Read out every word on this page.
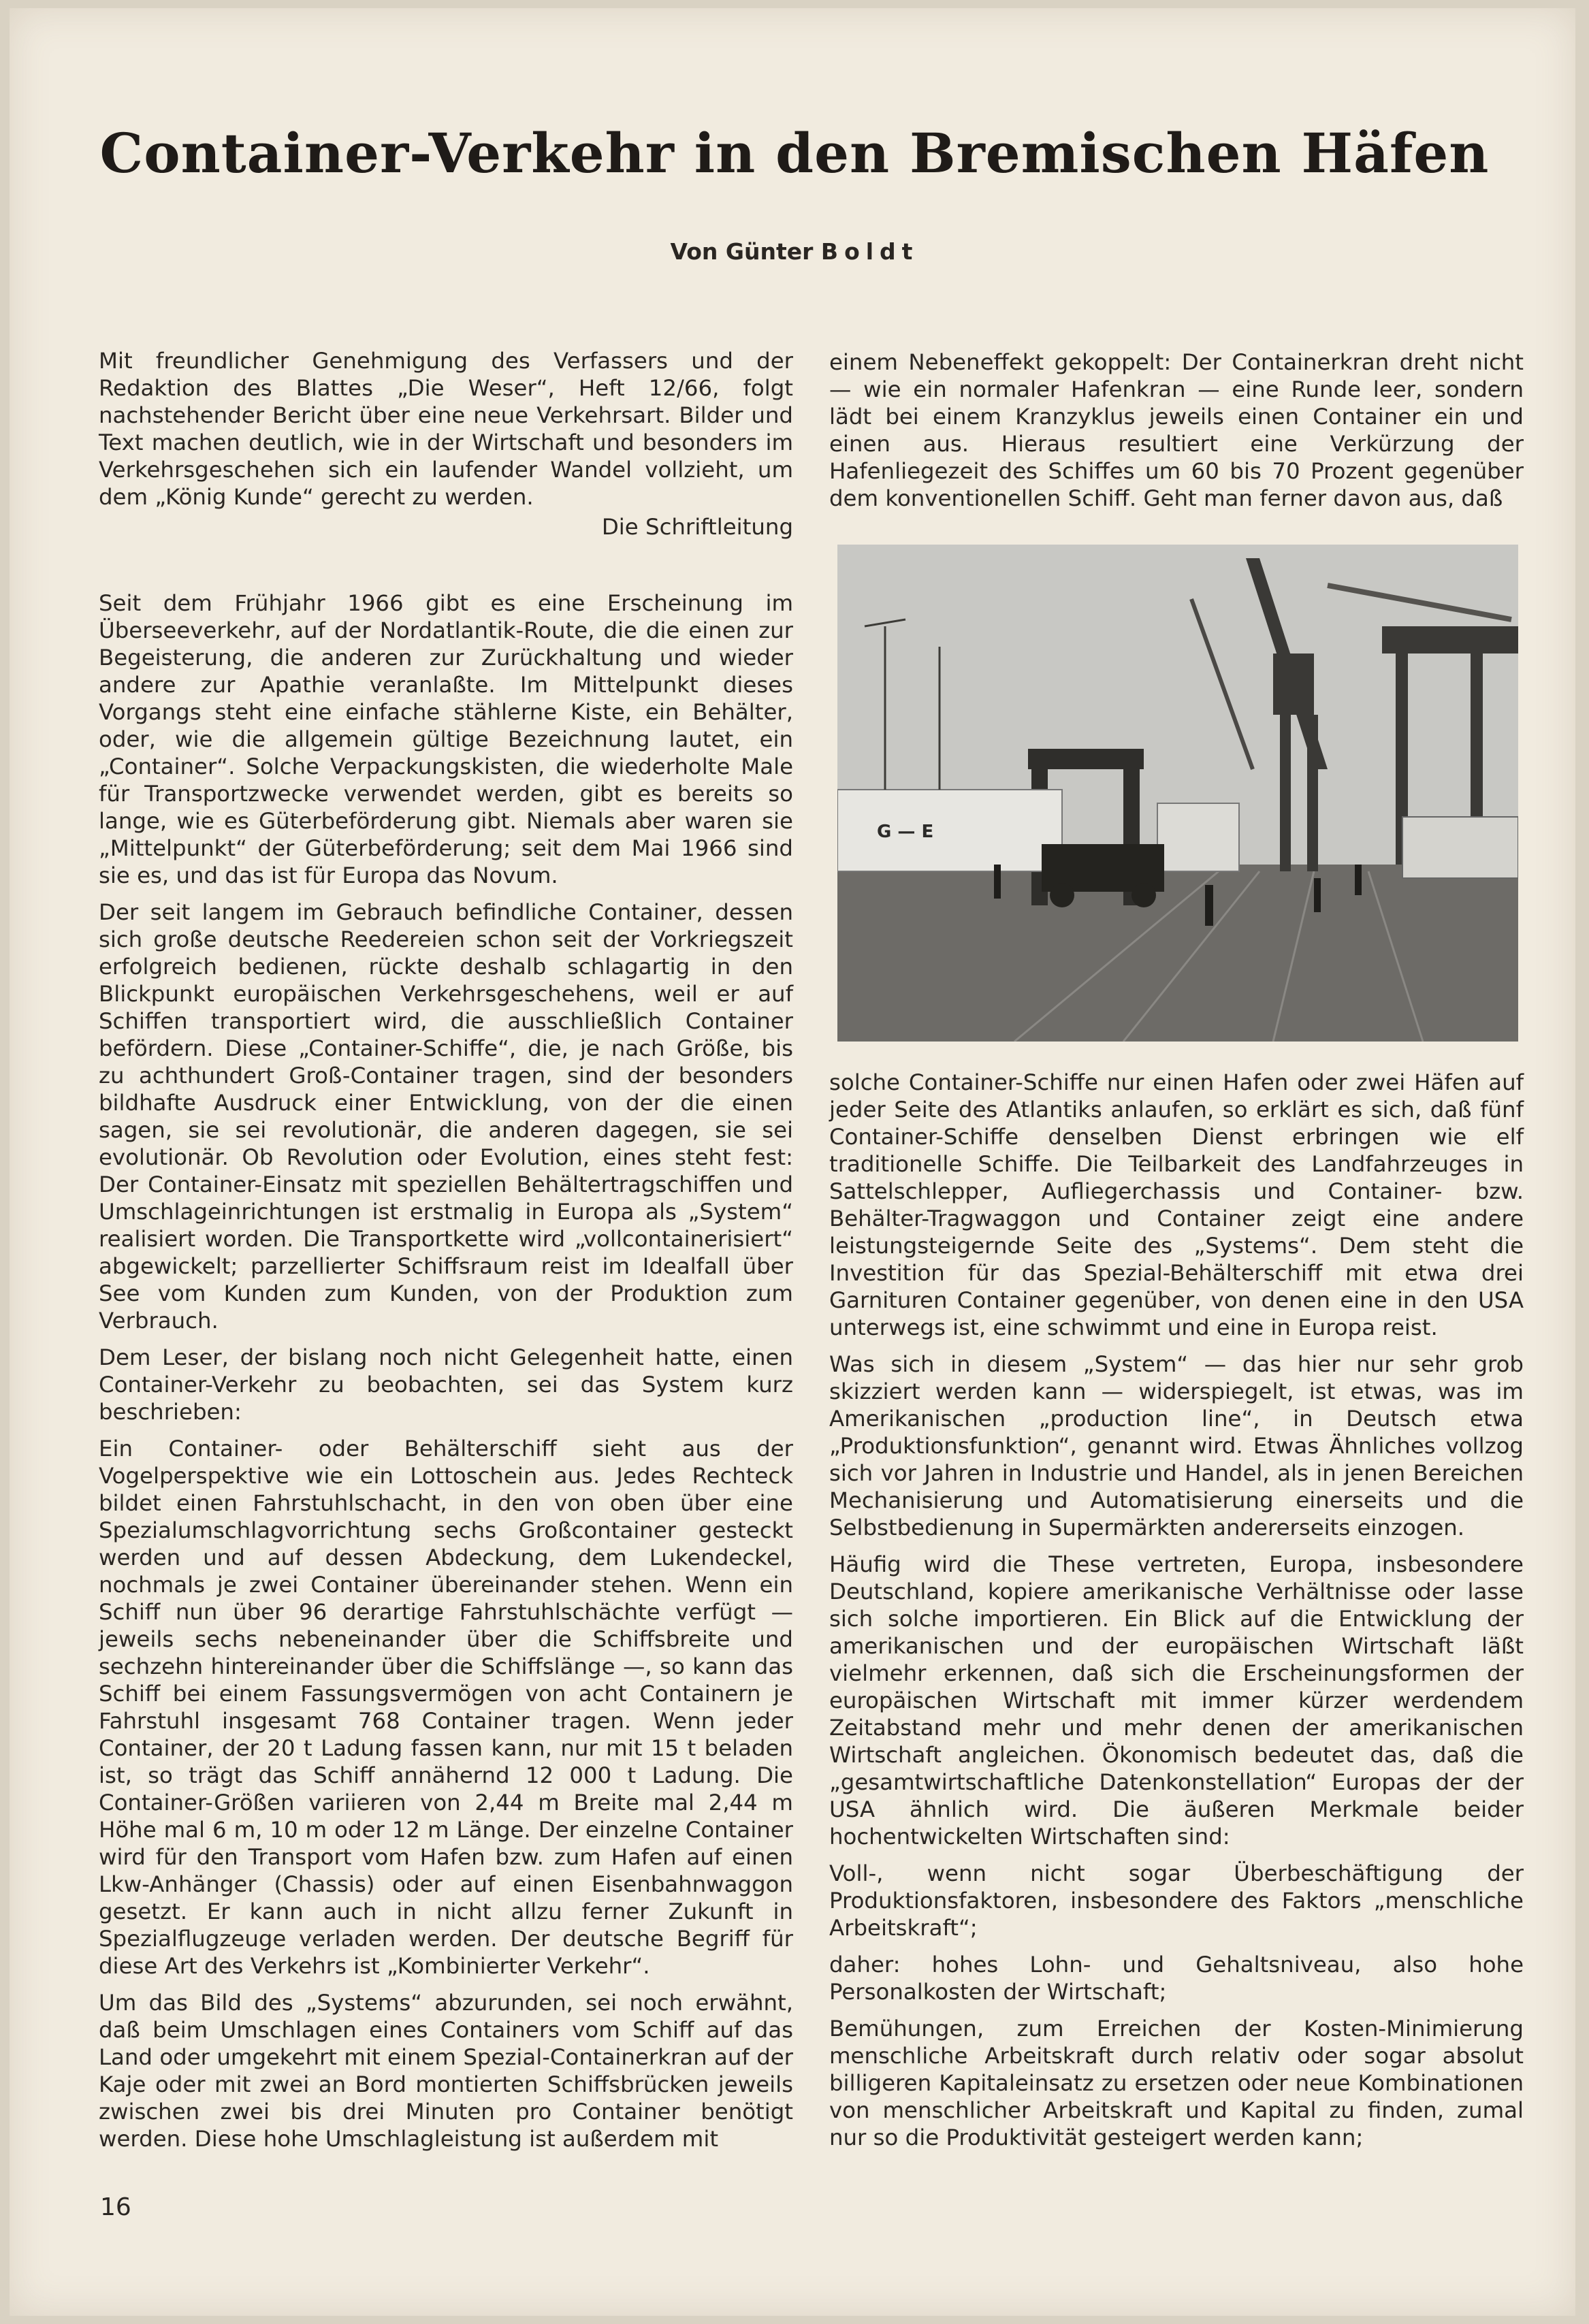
Container-Verkehr in den Bremischen Häfen
Von Günter Boldt

Mit freundlicher Genehmigung des Verfassers und der Redaktion des Blattes „Die Weser“, Heft 12/66, folgt nachstehender Bericht über eine neue Verkehrsart. Bilder und Text machen deutlich, wie in der Wirtschaft und besonders im Verkehrsgeschehen sich ein laufender Wandel vollzieht, um dem „König Kunde“ gerecht zu werden.

Die Schriftleitung

Seit dem Frühjahr 1966 gibt es eine Erscheinung im Überseeverkehr, auf der Nordatlantik-Route, die die einen zur Begeisterung, die anderen zur Zurückhaltung und wieder andere zur Apathie veranlaßte. Im Mittelpunkt dieses Vorgangs steht eine einfache stählerne Kiste, ein Behälter, oder, wie die allgemein gültige Bezeichnung lautet, ein „Container“. Solche Verpackungskisten, die wiederholte Male für Transportzwecke verwendet werden, gibt es bereits so lange, wie es Güterbeförderung gibt. Niemals aber waren sie „Mittelpunkt“ der Güterbeförderung; seit dem Mai 1966 sind sie es, und das ist für Europa das Novum.

Der seit langem im Gebrauch befindliche Container, dessen sich große deutsche Reedereien schon seit der Vorkriegszeit erfolgreich bedienen, rückte deshalb schlagartig in den Blickpunkt europäischen Verkehrsgeschehens, weil er auf Schiffen transportiert wird, die ausschließlich Container befördern. Diese „Container-Schiffe“, die, je nach Größe, bis zu achthundert Groß-Container tragen, sind der besonders bildhafte Ausdruck einer Entwicklung, von der die einen sagen, sie sei revolutionär, die anderen dagegen, sie sei evolutionär. Ob Revolution oder Evolution, eines steht fest: Der Container-Einsatz mit speziellen Behältertragschiffen und Umschlageinrichtungen ist erstmalig in Europa als „System“ realisiert worden. Die Transportkette wird „vollcontainerisiert“ abgewickelt; parzellierter Schiffsraum reist im Idealfall über See vom Kunden zum Kunden, von der Produktion zum Verbrauch.

Dem Leser, der bislang noch nicht Gelegenheit hatte, einen Container-Verkehr zu beobachten, sei das System kurz beschrieben:

Ein Container- oder Behälterschiff sieht aus der Vogelperspektive wie ein Lottoschein aus. Jedes Rechteck bildet einen Fahrstuhlschacht, in den von oben über eine Spezialumschlagvorrichtung sechs Großcontainer gesteckt werden und auf dessen Abdeckung, dem Lukendeckel, nochmals je zwei Container übereinander stehen. Wenn ein Schiff nun über 96 derartige Fahrstuhlschächte verfügt — jeweils sechs nebeneinander über die Schiffsbreite und sechzehn hintereinander über die Schiffslänge —, so kann das Schiff bei einem Fassungsvermögen von acht Containern je Fahrstuhl insgesamt 768 Container tragen. Wenn jeder Container, der 20 t Ladung fassen kann, nur mit 15 t beladen ist, so trägt das Schiff annähernd 12 000 t Ladung. Die Container-Größen variieren von 2,44 m Breite mal 2,44 m Höhe mal 6 m, 10 m oder 12 m Länge. Der einzelne Container wird für den Transport vom Hafen bzw. zum Hafen auf einen Lkw-Anhänger (Chassis) oder auf einen Eisenbahnwaggon gesetzt. Er kann auch in nicht allzu ferner Zukunft in Spezialflugzeuge verladen werden. Der deutsche Begriff für diese Art des Verkehrs ist „Kombinierter Verkehr“.

Um das Bild des „Systems“ abzurunden, sei noch erwähnt, daß beim Umschlagen eines Containers vom Schiff auf das Land oder umgekehrt mit einem Spezial-Containerkran auf der Kaje oder mit zwei an Bord montierten Schiffsbrücken jeweils zwischen zwei bis drei Minuten pro Container benötigt werden. Diese hohe Umschlagleistung ist außerdem mit

einem Nebeneffekt gekoppelt: Der Containerkran dreht nicht — wie ein normaler Hafenkran — eine Runde leer, sondern lädt bei einem Kranzyklus jeweils einen Container ein und einen aus. Hieraus resultiert eine Verkürzung der Hafenliegezeit des Schiffes um 60 bis 70 Prozent gegenüber dem konventionellen Schiff. Geht man ferner davon aus, daß

G — E

solche Container-Schiffe nur einen Hafen oder zwei Häfen auf jeder Seite des Atlantiks anlaufen, so erklärt es sich, daß fünf Container-Schiffe denselben Dienst erbringen wie elf traditionelle Schiffe. Die Teilbarkeit des Landfahrzeuges in Sattelschlepper, Aufliegerchassis und Container- bzw. Behälter-Tragwaggon und Container zeigt eine andere leistungsteigernde Seite des „Systems“. Dem steht die Investition für das Spezial-Behälterschiff mit etwa drei Garnituren Container gegenüber, von denen eine in den USA unterwegs ist, eine schwimmt und eine in Europa reist.

Was sich in diesem „System“ — das hier nur sehr grob skizziert werden kann — widerspiegelt, ist etwas, was im Amerikanischen „production line“, in Deutsch etwa „Produktionsfunktion“, genannt wird. Etwas Ähnliches vollzog sich vor Jahren in Industrie und Handel, als in jenen Bereichen Mechanisierung und Automatisierung einerseits und die Selbstbedienung in Supermärkten andererseits einzogen.

Häufig wird die These vertreten, Europa, insbesondere Deutschland, kopiere amerikanische Verhältnisse oder lasse sich solche importieren. Ein Blick auf die Entwicklung der amerikanischen und der europäischen Wirtschaft läßt vielmehr erkennen, daß sich die Erscheinungsformen der europäischen Wirtschaft mit immer kürzer werdendem Zeitabstand mehr und mehr denen der amerikanischen Wirtschaft angleichen. Ökonomisch bedeutet das, daß die „gesamtwirtschaftliche Datenkonstellation“ Europas der der USA ähnlich wird. Die äußeren Merkmale beider hochentwickelten Wirtschaften sind:

Voll-, wenn nicht sogar Überbeschäftigung der Produktionsfaktoren, insbesondere des Faktors „menschliche Arbeitskraft“;

daher: hohes Lohn- und Gehaltsniveau, also hohe Personalkosten der Wirtschaft;

Bemühungen, zum Erreichen der Kosten-Minimierung menschliche Arbeitskraft durch relativ oder sogar absolut billigeren Kapitaleinsatz zu ersetzen oder neue Kombinationen von menschlicher Arbeitskraft und Kapital zu finden, zumal nur so die Produktivität gesteigert werden kann;

16
